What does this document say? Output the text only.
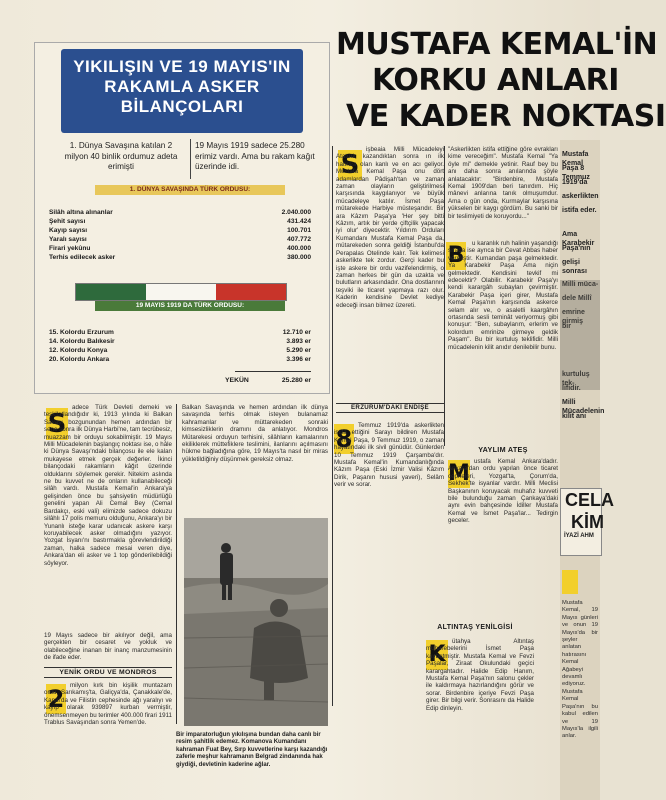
YIKILIŞIN VE 19 MAYIS'IN
RAKAMLA ASKER
BİLANÇOLARI
1. Dünya Savaşına katılan 2 milyon 40 binlik ordumuz adeta erimişti
19 Mayıs 1919 sadece 25.280 erimiz vardı. Ama bu rakam kağıt üzerinde idi.
1. DÜNYA SAVAŞINDA TÜRK ORDUSU:
Silâh altına alınanlar	2.040.000
Şehit sayısı	431.424
Kayıp sayısı	100.701
Yaralı sayısı	407.772
Firari yekûnu	400.000
Terhis edilecek asker	380.000
19 MAYIS 1919 DA TÜRK ORDUSU:
15. Kolordu Erzurum	12.710 er
14. Kolordu Balıkesir	3.893 er
12. Kolordu Konya	5.290 er
20. Kolordu Ankara	3.396 er
YEKÜN	25.280 er
MUSTAFA KEMAL'İN
KORKU ANLARI
VE KADER NOKTASI
S
işbeaia Milli Mücadeleyi Atatürk kazandıktan sonra ın ilk hatırası olan kanlı ve en acı geliyor. Mustafa Kemal Paşa onu dört adamlardan Pâdişah'tan ve zaman zaman olayların geliştirilmesi karşısında kaygılanıyor ve büyük mücadeleye katılır. İsmet Paşa mütarekede Harbiye müsteşarıdır. Bir ara Kâzım Paşa'ya 'Her şey bitti Kâzım, artık bir yerde çiftçilik yapacak iyi olur' diyecektir. Yıldırım Orduları Kumandanı Mustafa Kemal Paşa da, mütarekeden sonra geldiği İstanbul'da Perapalas Otelinde kalır. Tek kelimesi askerlikte tek zordur. Gerçi kader bu işte askere bir ordu vazifelendirmiş, o zaman herkes bir gün da uzakta ve bulutların arkasındadır. Ona dostlarının teşviki ile ticaret yapmaya razı olur. Kaderin kendisine Devlet kediye edeceği insan bilmez üzereti.
"Askerlikten istifa ettiğine göre evrakları kime vereceğim". Mustafa Kemal "Ya öyle mi" demekle yetinir. Rauf bey bu anı daha sonra anılarında şöyle anlatacaktır: "Birdenbire, Mustafa Kemal 1909'dan beri tanırdım. Hiç mânevi anlarına tanık olmuşumdur. Ama o gün onda, Kurmaylar karşısına yükselen bir kaygı gördüm. Bu sanki bir bir teslimiyeti de koruyordu..."
B	u karanlık ruh halinin yaşandığı sırada ise ayrıca bir Cevat Abbas haber vermiştir. Kumandan paşa gelmektedir. Ya Karabekir Paşa Ama niçin gelmektedir. Kendisini tevkif mi edecektir? Olabilir. Karabekir Paşa'yı kendi karargâh subayları çevirmiştir. Karabekir Paşa içeri girer, Mustafa Kemal Paşa'nın karşısında askerce selam alır ve, o asaletli kaargâhın ortasında sesli teminât veriyormuş gibi konuşur: "Ben, subaylarım, erlerim ve kolordum emrinize girmeye geldik Paşam". Bu bir kurtuluş teklifidir. Milli mücadelenin kilit anıdır denilebilir bunu.
ERZURUM'DAKİ ENDİŞE
8 Temmuz 1919'da askerlikten istifa ettiğini Sarayı bildiren Mustafa Kemal Paşa, 9 Temmuz 1919, o zaman hayatındaki ilk sivil günüdür. Günlerden 10 Temmuz 1919 Çarşamba'dır. Mustafa Kemal'in Kumandanlığında Kâzım Paşa (Eski İzmir Valisi Kâzım Dirik, Paşanın hususi yaveri), Selâm verir ve sorar.
YAYLIM ATEŞ
M ustafa Kemal Ankara'dadır. Ankara'dan ordu yapılan önce ticaret cepheleri, Yozgat'ta, Çorum'da, Sekhek'te isyanlar vardır. Milli Meclisi Başkanının koruyacak muhafız kuvveti bile bulunduğu zaman Çankaya'daki aynı evin bahçesinde İdiller Mustafa Kemal ve İsmet Paşa'lar... Tedirgin geceler.
ALTINTAŞ YENİLGİSİ
K
ütahya Altıntaş muharebelerini İsmet Paşa kaybetmiştir. Mustafa Kemal ve Fevzi Paşalar, Ziraat Okulundaki geçici karargahtadır. Halide Edip Hanım, Mustafa Kemal Paşa'nın salonu çekler ile kaldırmaya hazırlandığını görür ve sorar. Birdenbire içeriye Fevzi Paşa girer. Bir bilgi verir. Sonrasını da Halide Edip dinleyin.
S
adece Türk Devleti demeki ve teşkilatlandığıdır ki, 1913 yılında ki Balkan Savaşı bozgunundan hemen ardından bir sene sonra ilk Dünya Harbi'ne, tam tecrübesiz, muazzam bir orduyu sokabilmiştir. 19 Mayıs Milli Mücadelenin başlangıç noktası ise, o hâle ki Dünya Savaşı'ndaki bilançosu ile ele kalan mukayese etmek gerçek değerler. İkinci bilançodaki rakamların kâğıt üzerinde olduklarını söylemek gerekir. Nitekim aslında ne bu kuvvet ne de onların kullanabileceği silâh vardı. Mustafa Kemal'in Ankara'ya gelişinden önce bu şahsiyetin müdürlüğü genelini yapan Ali Cemal Bey (Cemal Bardakçı, eski vali) elimizde sadece dokuzu silâhlı 17 polis memuru olduğunu, Ankara'yı bir Yunanlı isteğe karar udanıcak askere karşı koruyabilecek asker olmadığını yazıyor. Yozgat İsyanı'nı bastırmakla görevlendirildiği zaman, halka sadece mesai veren diye, Ankara'dan eli asker ve 1 top gönderilebildiği söyleyor.
19 Mayıs sadece bir akılıyor değil, ama gerçekten bir cesaret ve yokluk ve olabileceğine inanan bir inanç manzumesinin de ifade eder.
YENİK ORDU VE MONDROS
2 milyon kırk bin kişilik muntazam ordu, Sarıkamış'ta, Galiçya'da, Çanakkale'de, Kanal'da ve Filistin cephesinde ağı yaralıyı ve kayıp olarak 939897 kurban vermiştir, önemsenmeyen bu terimler 400.000 firari 1911 Trablus Savaşından sonra Yemen'de.
Balkan Savaşında ve hemen ardından ilk dünya savaşında terhis olmak isteyen bulanamaz kahramanlar ve müttarekeden sonraki kimsesizliklerin dramını da anlatıyor. Mondros Mütarekesi orduyun terhisini, silâhların kamalarının ekiliklerek müttefiklere teslimini, ilanlarını açılmasını hükme bağladığına göre, 19 Mayıs'ta nasıl bir miras yükletildiğiniy düşünmek gereksiz olmaz.
Bir imparatorluğun yıkılışına bundan daha canlı bir resim şahitlik edemez. Komanova Kumandanı kahraman Fuat Bey, Sırp kuvvetlerine karşı kazandığı zaferle meşhur kahramanın Belgrad zindanında hak giydiği, devletinin kaderine ağlar.
Mustafa Kemal
Paşa 8 Temmuz
1919'da
askerlikten
istifa eder.
Ama Karabekir
Paşa'nın
gelişi sonrası
Milli müca-
dele Millî
emrine girmiş
bir
kurtuluş tek-
lifidir.
Milli Mücadelenin
kilit anı
CELA
KİM
İYAZİ AHM
Mustafa Kemal, 19 Mayıs günleri ve onun 19 Mayıs'da bir şeyler anlatan hatırasını Kemal Ağabeyi devamlı ediyoruz. Mustafa Kemal Paşa'nın bu kabul edilen ve 19 Mayıs'la ilgili anlar.
